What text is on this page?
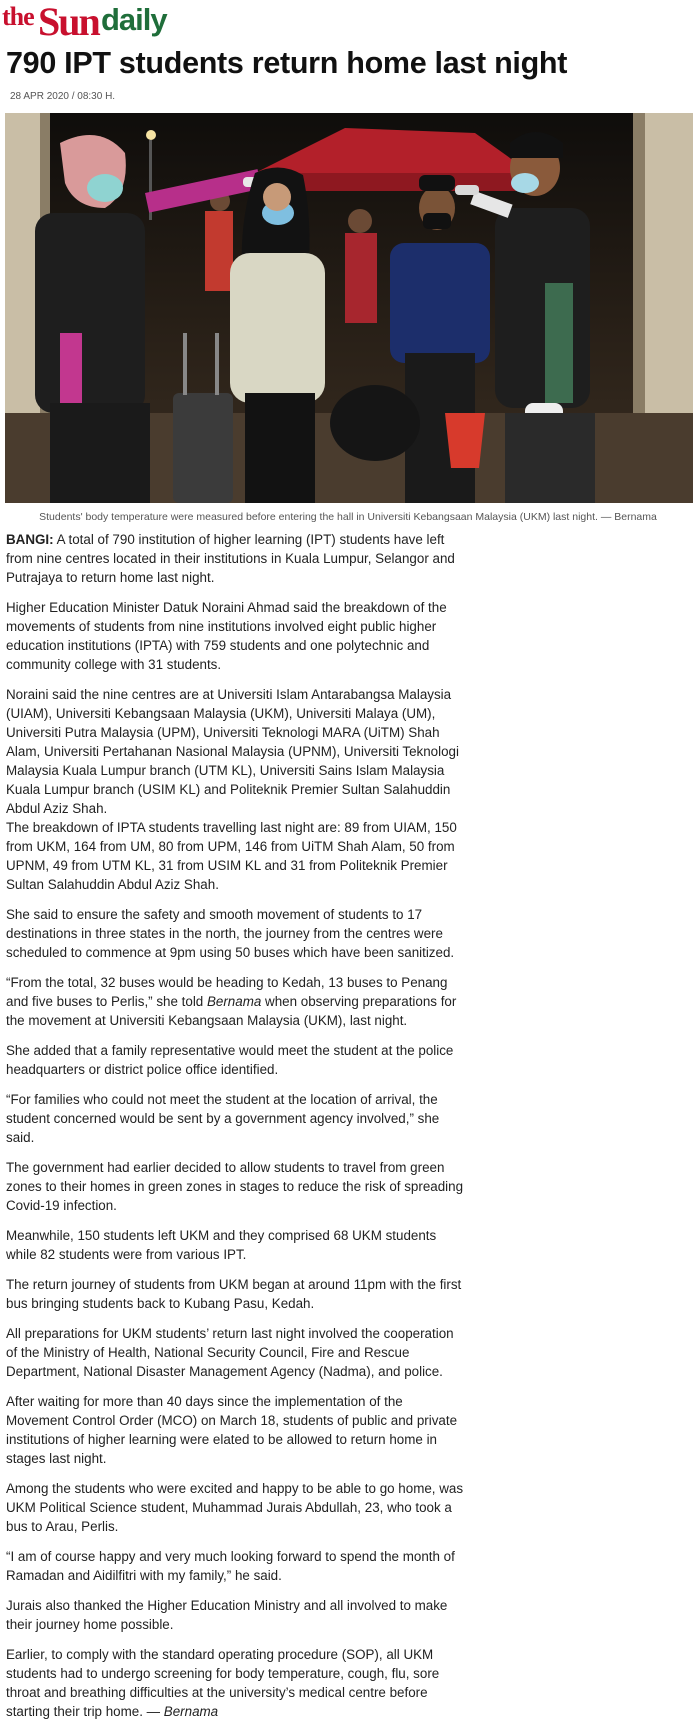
the Sun daily
790 IPT students return home last night
28 APR 2020 / 08:30 H.
Students' body temperature were measured before entering the hall in Universiti Kebangsaan Malaysia (UKM) last night. — Bernama

BANGI: A total of 790 institution of higher learning (IPT) students have left from nine centres located in their institutions in Kuala Lumpur, Selangor and Putrajaya to return home last night.

Higher Education Minister Datuk Noraini Ahmad said the breakdown of the movements of students from nine institutions involved eight public higher education institutions (IPTA) with 759 students and one polytechnic and community college with 31 students.

Noraini said the nine centres are at Universiti Islam Antarabangsa Malaysia (UIAM), Universiti Kebangsaan Malaysia (UKM), Universiti Malaya (UM), Universiti Putra Malaysia (UPM), Universiti Teknologi MARA (UiTM) Shah Alam, Universiti Pertahanan Nasional Malaysia (UPNM), Universiti Teknologi Malaysia Kuala Lumpur branch (UTM KL), Universiti Sains Islam Malaysia Kuala Lumpur branch (USIM KL) and Politeknik Premier Sultan Salahuddin Abdul Aziz Shah.

The breakdown of IPTA students travelling last night are: 89 from UIAM, 150 from UKM, 164 from UM, 80 from UPM, 146 from UiTM Shah Alam, 50 from UPNM, 49 from UTM KL, 31 from USIM KL and 31 from Politeknik Premier Sultan Salahuddin Abdul Aziz Shah.

She said to ensure the safety and smooth movement of students to 17 destinations in three states in the north, the journey from the centres were scheduled to commence at 9pm using 50 buses which have been sanitized.

“From the total, 32 buses would be heading to Kedah, 13 buses to Penang and five buses to Perlis,” she told Bernama when observing preparations for the movement at Universiti Kebangsaan Malaysia (UKM), last night.

She added that a family representative would meet the student at the police headquarters or district police office identified.

“For families who could not meet the student at the location of arrival, the student concerned would be sent by a government agency involved,” she said.

The government had earlier decided to allow students to travel from green zones to their homes in green zones in stages to reduce the risk of spreading Covid-19 infection.

Meanwhile, 150 students left UKM and they comprised 68 UKM students while 82 students were from various IPT.

The return journey of students from UKM began at around 11pm with the first bus bringing students back to Kubang Pasu, Kedah.

All preparations for UKM students’ return last night involved the cooperation of the Ministry of Health, National Security Council, Fire and Rescue Department, National Disaster Management Agency (Nadma), and police.

After waiting for more than 40 days since the implementation of the Movement Control Order (MCO) on March 18, students of public and private institutions of higher learning were elated to be allowed to return home in stages last night.

Among the students who were excited and happy to be able to go home, was UKM Political Science student, Muhammad Jurais Abdullah, 23, who took a bus to Arau, Perlis.

“I am of course happy and very much looking forward to spend the month of Ramadan and Aidilfitri with my family,” he said.

Jurais also thanked the Higher Education Ministry and all involved to make their journey home possible.

Earlier, to comply with the standard operating procedure (SOP), all UKM students had to undergo screening for body temperature, cough, flu, sore throat and breathing difficulties at the university’s medical centre before starting their trip home. — Bernama
